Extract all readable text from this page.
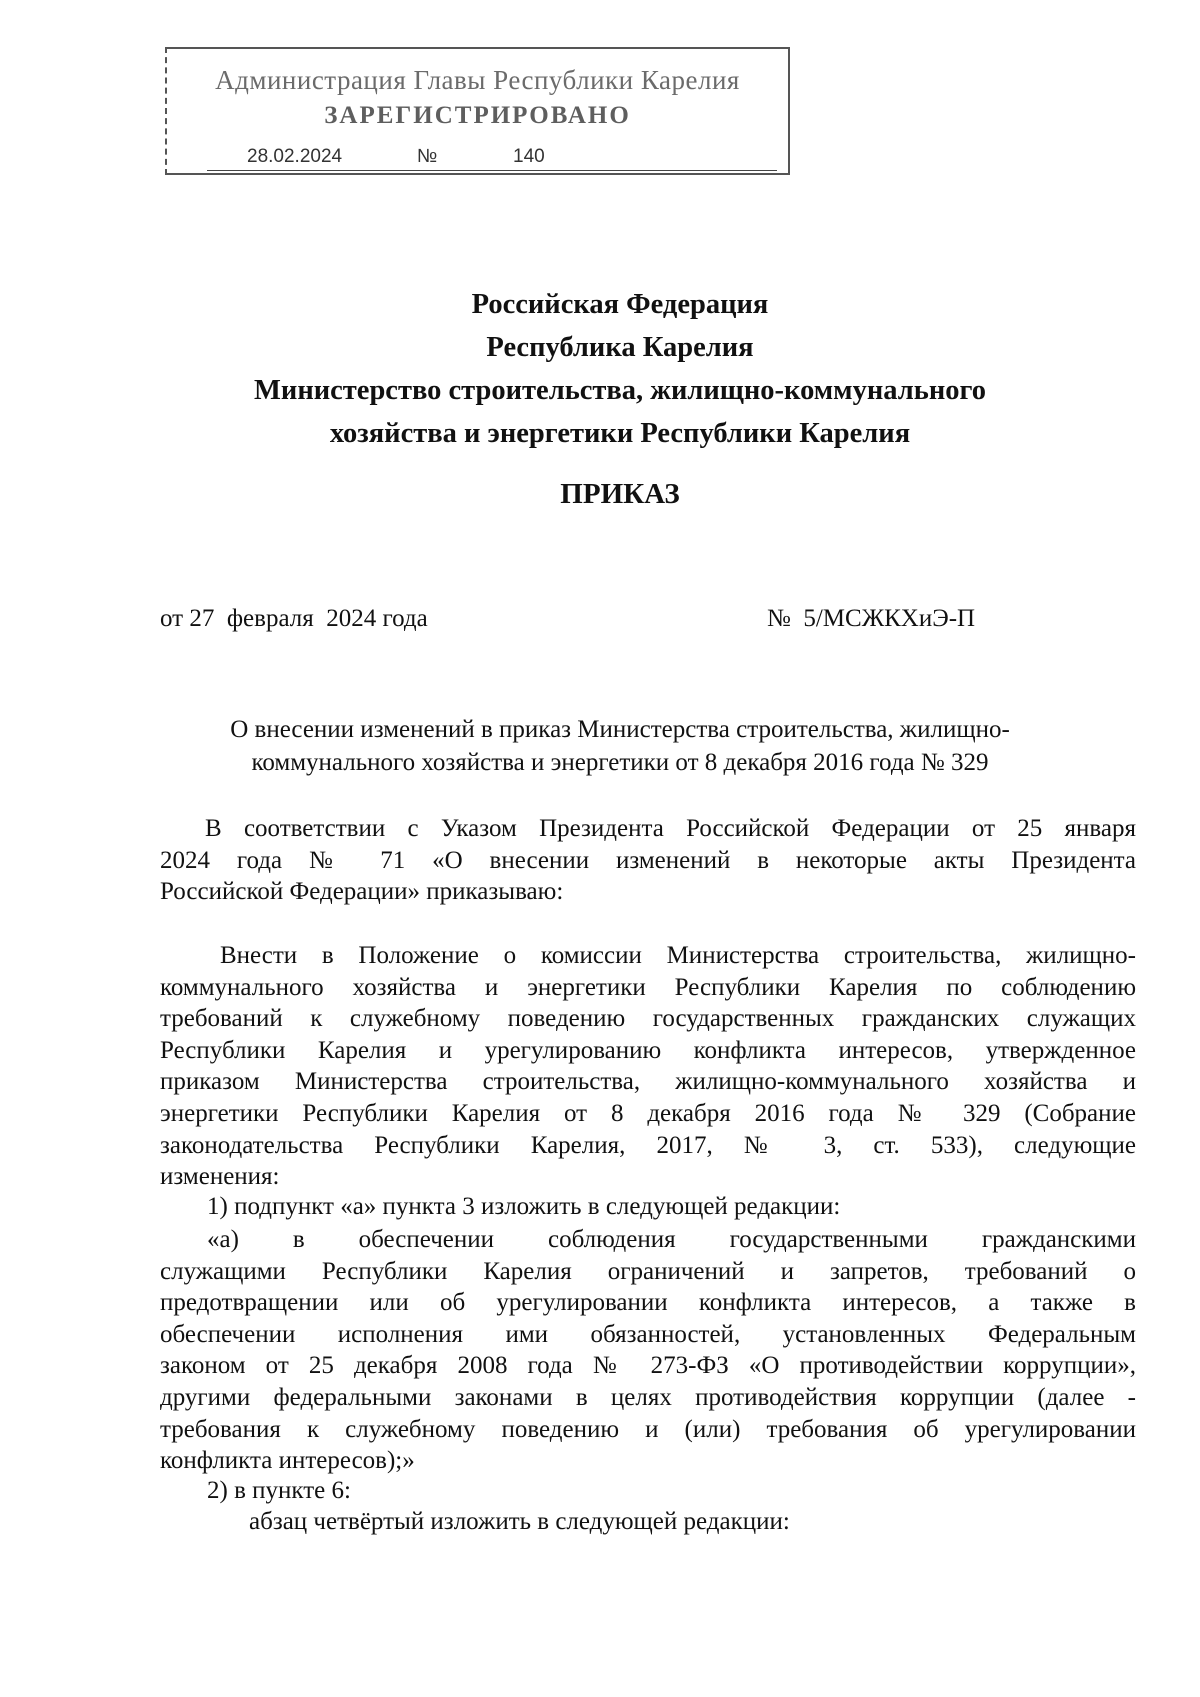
Администрация Главы Республики Карелия
ЗАРЕГИСТРИРОВАНО
28.02.2024	№	140
Российская Федерация
Республика Карелия
Министерство строительства, жилищно-коммунального
хозяйства и энергетики Республики Карелия
ПРИКАЗ
от 27  февраля  2024 года	№  5/МСЖКХиЭ-П
О внесении изменений в приказ Министерства строительства, жилищно-
коммунального хозяйства и энергетики от 8 декабря 2016 года № 329
В соответствии с Указом Президента Российской Федерации от 25 января
2024 года № 71 «О внесении изменений в некоторые акты Президента
Российской Федерации» приказываю:
Внести в Положение о комиссии Министерства строительства, жилищно-
коммунального хозяйства и энергетики Республики Карелия по соблюдению
требований к служебному поведению государственных гражданских служащих
Республики Карелия и урегулированию конфликта интересов, утвержденное
приказом Министерства строительства, жилищно-коммунального хозяйства и
энергетики Республики Карелия от 8 декабря 2016 года № 329 (Собрание
законодательства Республики Карелия, 2017, № 3, ст. 533), следующие
изменения:
1) подпункт «а» пункта 3 изложить в следующей редакции:
«а) в обеспечении соблюдения государственными гражданскими
служащими Республики Карелия ограничений и запретов, требований о
предотвращении или об урегулировании конфликта интересов, а также в
обеспечении исполнения ими обязанностей, установленных Федеральным
законом от 25 декабря 2008 года № 273-ФЗ «О противодействии коррупции»,
другими федеральными законами в целях противодействия коррупции (далее -
требования к служебному поведению и (или) требования об урегулировании
конфликта интересов);»
2) в пункте 6:
абзац четвёртый изложить в следующей редакции:
